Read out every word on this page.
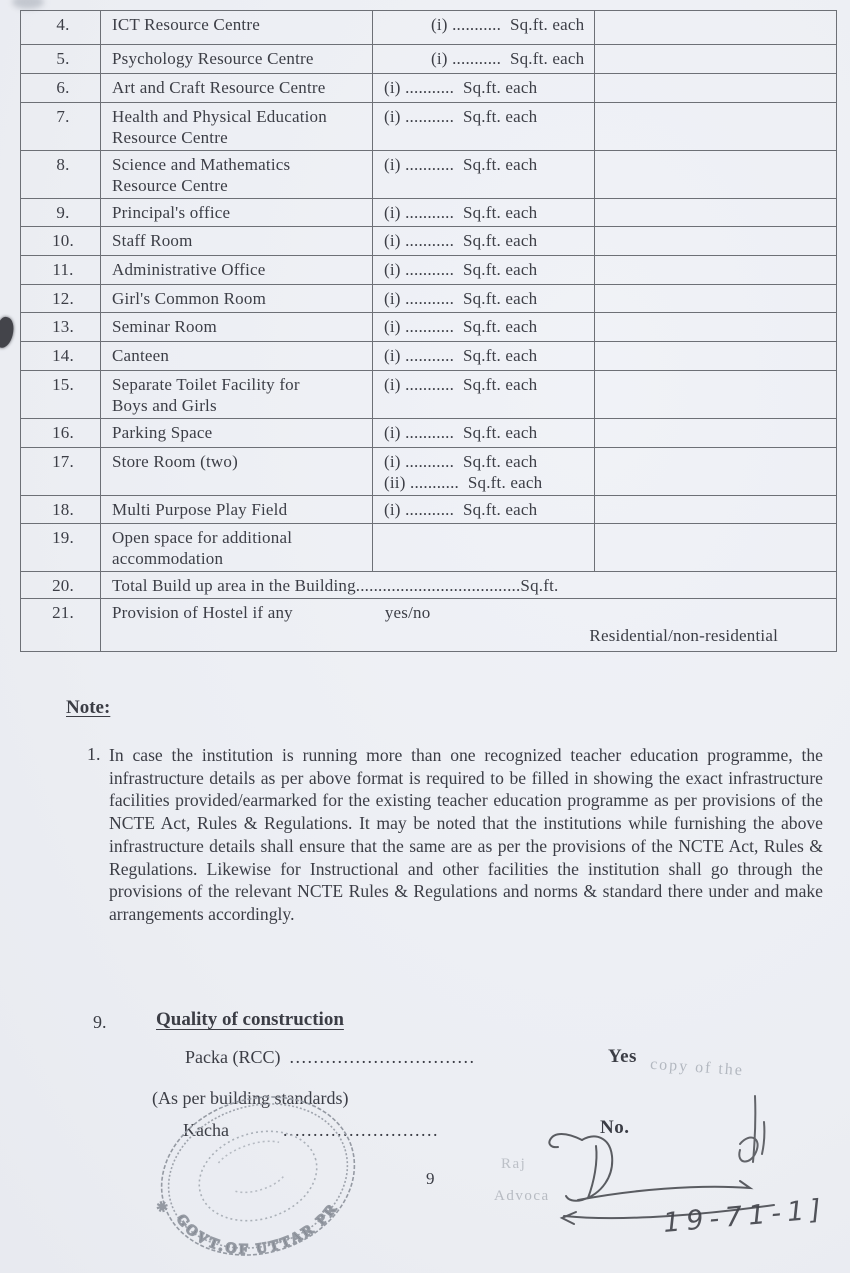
4.	ICT Resource Centre	(i) ...........  Sq.ft. each	

5.	Psychology Resource Centre	(i) ...........  Sq.ft. each	

6.	Art and Craft Resource Centre	(i) ...........  Sq.ft. each	

7.	Health and Physical Education
Resource Centre	(i) ...........  Sq.ft. each	

8.	Science and Mathematics
Resource Centre	(i) ...........  Sq.ft. each	

9.	Principal's office	(i) ...........  Sq.ft. each	

10.	Staff Room	(i) ...........  Sq.ft. each	

11.	Administrative Office	(i) ...........  Sq.ft. each	

12.	Girl's Common Room	(i) ...........  Sq.ft. each	

13.	Seminar Room	(i) ...........  Sq.ft. each	

14.	Canteen	(i) ...........  Sq.ft. each	

15.	Separate Toilet Facility for
Boys and Girls	(i) ...........  Sq.ft. each	

16.	Parking Space	(i) ...........  Sq.ft. each	

17.	Store Room (two)	(i) ...........  Sq.ft. each
(ii) ...........  Sq.ft. each	

18.	Multi Purpose Play Field	(i) ...........  Sq.ft. each	

19.	Open space for additional
accommodation		

20.	Total Build up area in the Building.....................................Sq.ft.		
21.	Provision of Hostel if any yes/no
Residential/non-residential		
Note:
1. In case the institution is running more than one recognized teacher education programme, the infrastructure details as per above format is required to be filled in showing the exact infrastructure facilities provided/earmarked for the existing teacher education programme as per provisions of the NCTE Act, Rules & Regulations. It may be noted that the institutions while furnishing the above infrastructure details shall ensure that the same are as per the provisions of the NCTE Act, Rules & Regulations. Likewise for Instructional and other facilities the institution shall go through the provisions of the relevant NCTE Rules & Regulations and norms & standard there under and make arrangements accordingly.
9.	Quality of construction
Packa (RCC)  ...............................	Yes copy of the
(As per building standards)
Kacha	..........................	No.
9
Raj
Advoca
GOVT.OF UTTAR PR
✳	19-71-1]
